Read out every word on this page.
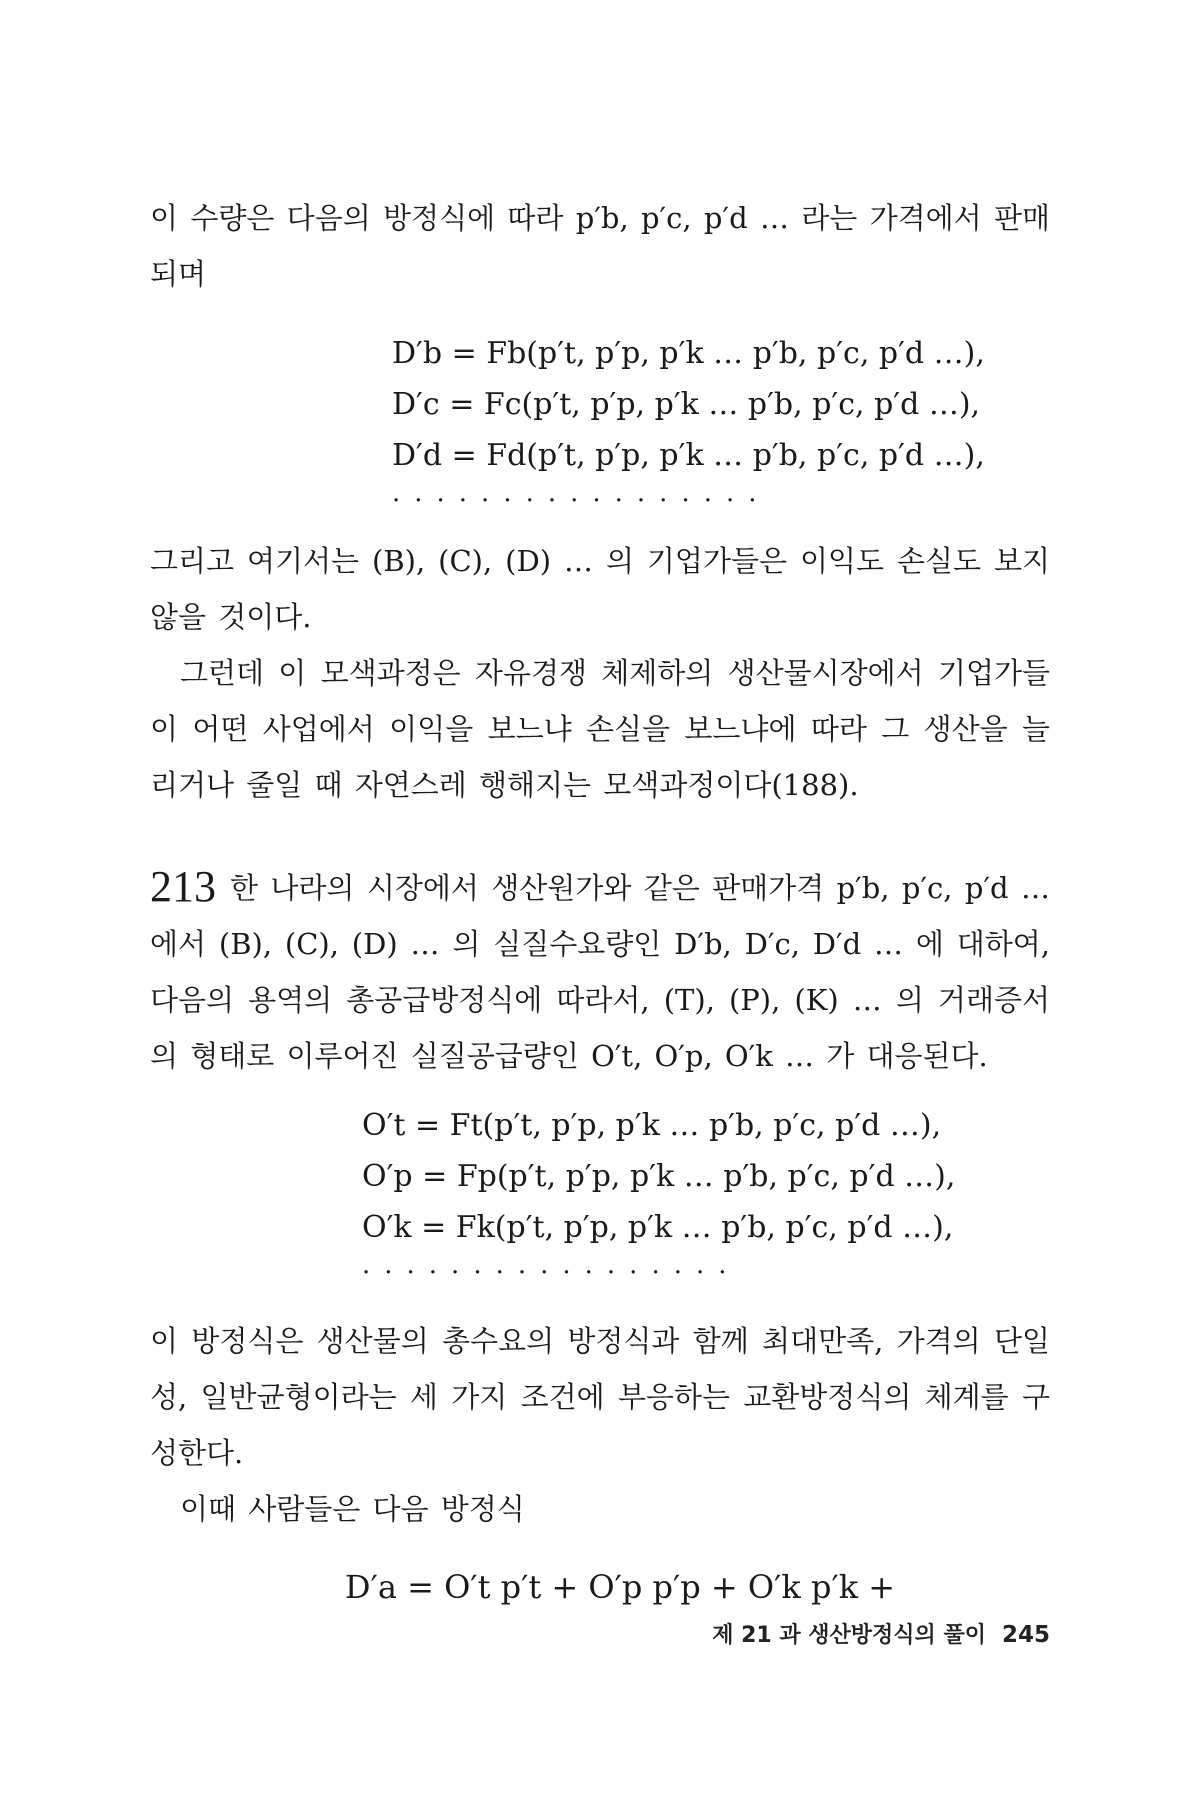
이 수량은 다음의 방정식에 따라 p′b, p′c, p′d … 라는 가격에서 판매되며

D′b = Fb(p′t, p′p, p′k … p′b, p′c, p′d …),
D′c = Fc(p′t, p′p, p′k … p′b, p′c, p′d …),
D′d = Fd(p′t, p′p, p′k … p′b, p′c, p′d …),
·················

그리고 여기서는 (B), (C), (D) … 의 기업가들은 이익도 손실도 보지 않을 것이다.

그런데 이 모색과정은 자유경쟁 체제하의 생산물시장에서 기업가들이 어떤 사업에서 이익을 보느냐 손실을 보느냐에 따라 그 생산을 늘리거나 줄일 때 자연스레 행해지는 모색과정이다(188).

213 한 나라의 시장에서 생산원가와 같은 판매가격 p′b, p′c, p′d … 에서 (B), (C), (D) … 의 실질수요량인 D′b, D′c, D′d … 에 대하여, 다음의 용역의 총공급방정식에 따라서, (T), (P), (K) … 의 거래증서의 형태로 이루어진 실질공급량인 O′t, O′p, O′k … 가 대응된다.

O′t = Ft(p′t, p′p, p′k … p′b, p′c, p′d …),
O′p = Fp(p′t, p′p, p′k … p′b, p′c, p′d …),
O′k = Fk(p′t, p′p, p′k … p′b, p′c, p′d …),
·················

이 방정식은 생산물의 총수요의 방정식과 함께 최대만족, 가격의 단일성, 일반균형이라는 세 가지 조건에 부응하는 교환방정식의 체계를 구성한다.

이때 사람들은 다음 방정식

D′a = O′t p′t + O′p p′p + O′k p′k +

제 21 과 생산방정식의 풀이 245
